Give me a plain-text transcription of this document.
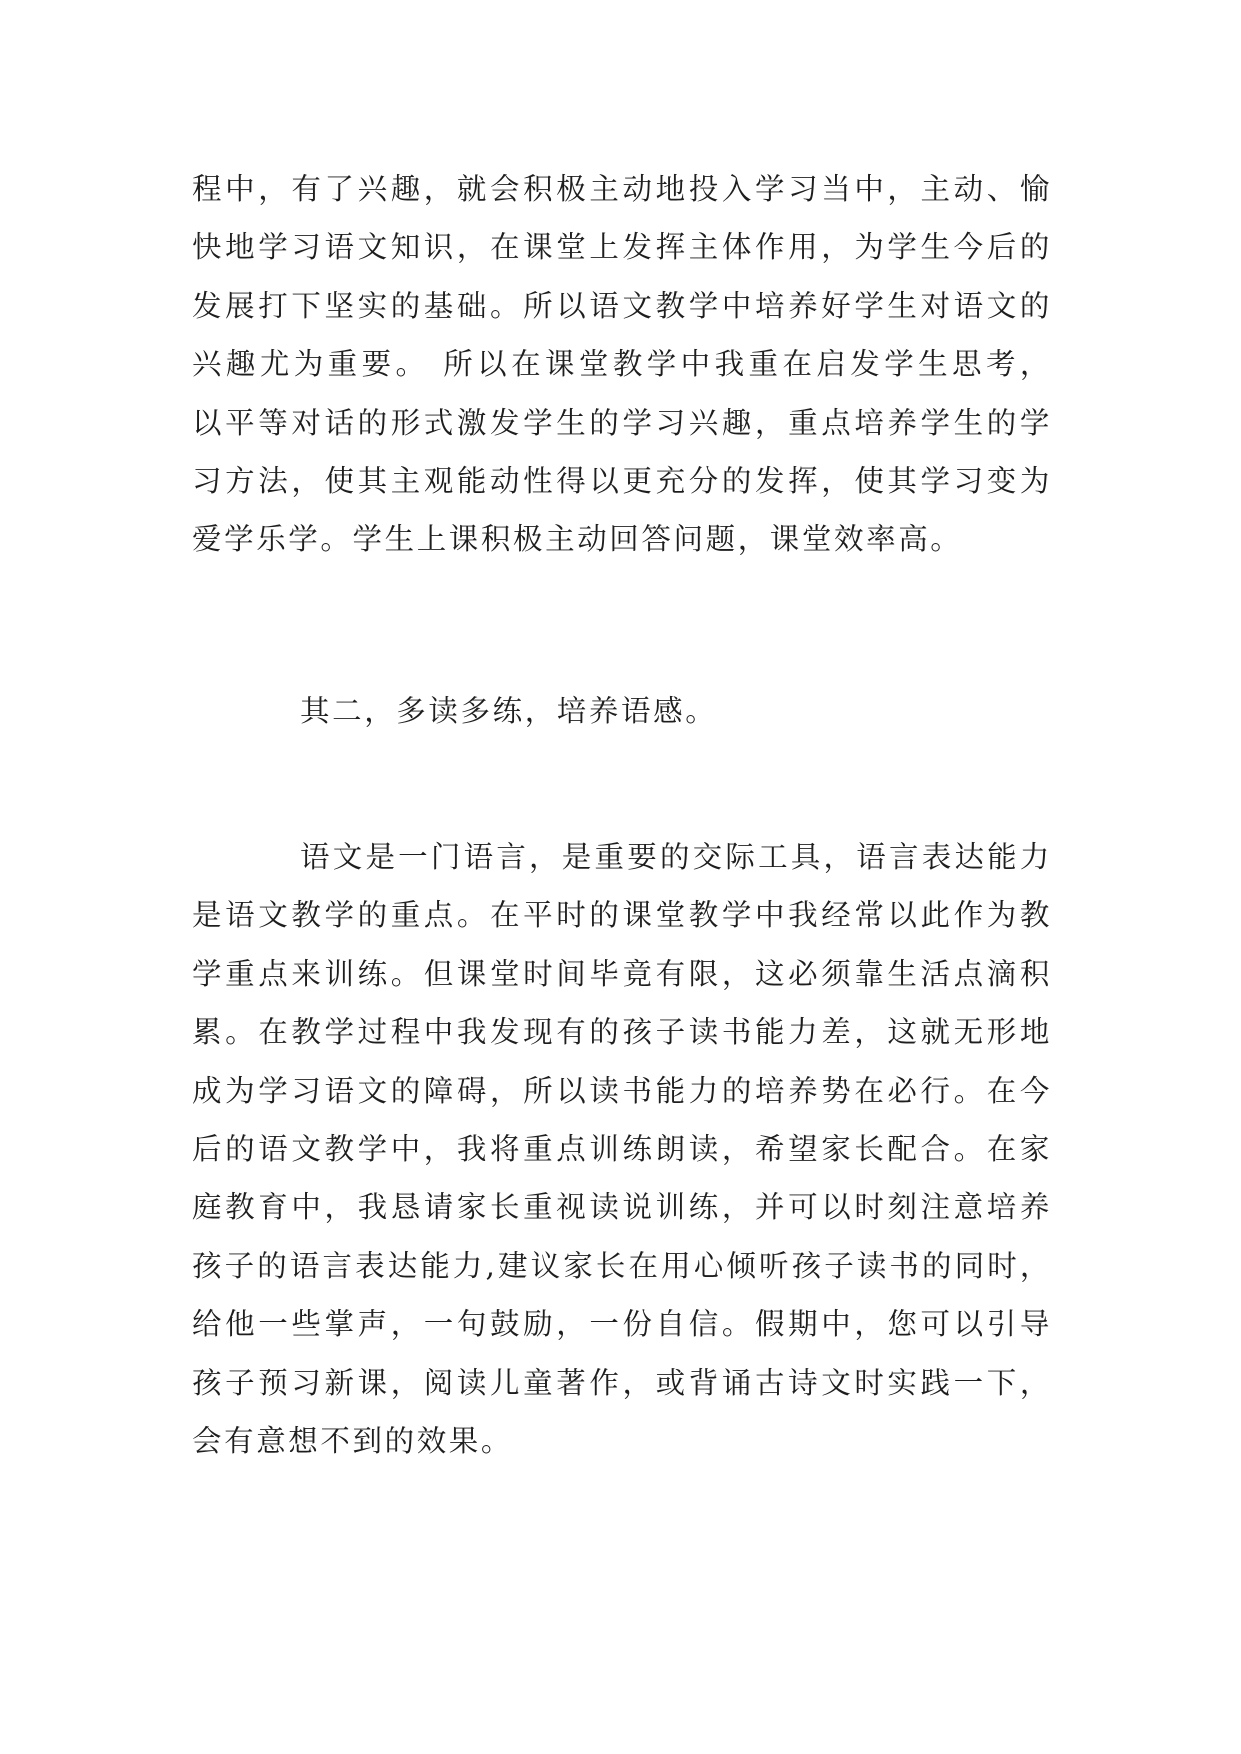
程中，有了兴趣，就会积极主动地投入学习当中，主动、愉
快地学习语文知识，在课堂上发挥主体作用，为学生今后的
发展打下坚实的基础。所以语文教学中培养好学生对语文的
兴趣尤为重要。 所以在课堂教学中我重在启发学生思考，
以平等对话的形式激发学生的学习兴趣，重点培养学生的学
习方法，使其主观能动性得以更充分的发挥，使其学习变为
爱学乐学。学生上课积极主动回答问题，课堂效率高。
其二，多读多练，培养语感。
语文是一门语言，是重要的交际工具，语言表达能力
是语文教学的重点。在平时的课堂教学中我经常以此作为教
学重点来训练。但课堂时间毕竟有限，这必须靠生活点滴积
累。在教学过程中我发现有的孩子读书能力差，这就无形地
成为学习语文的障碍，所以读书能力的培养势在必行。在今
后的语文教学中，我将重点训练朗读，希望家长配合。在家
庭教育中，我恳请家长重视读说训练，并可以时刻注意培养
孩子的语言表达能力,建议家长在用心倾听孩子读书的同时，
给他一些掌声，一句鼓励，一份自信。假期中，您可以引导
孩子预习新课，阅读儿童著作，或背诵古诗文时实践一下，
会有意想不到的效果。
